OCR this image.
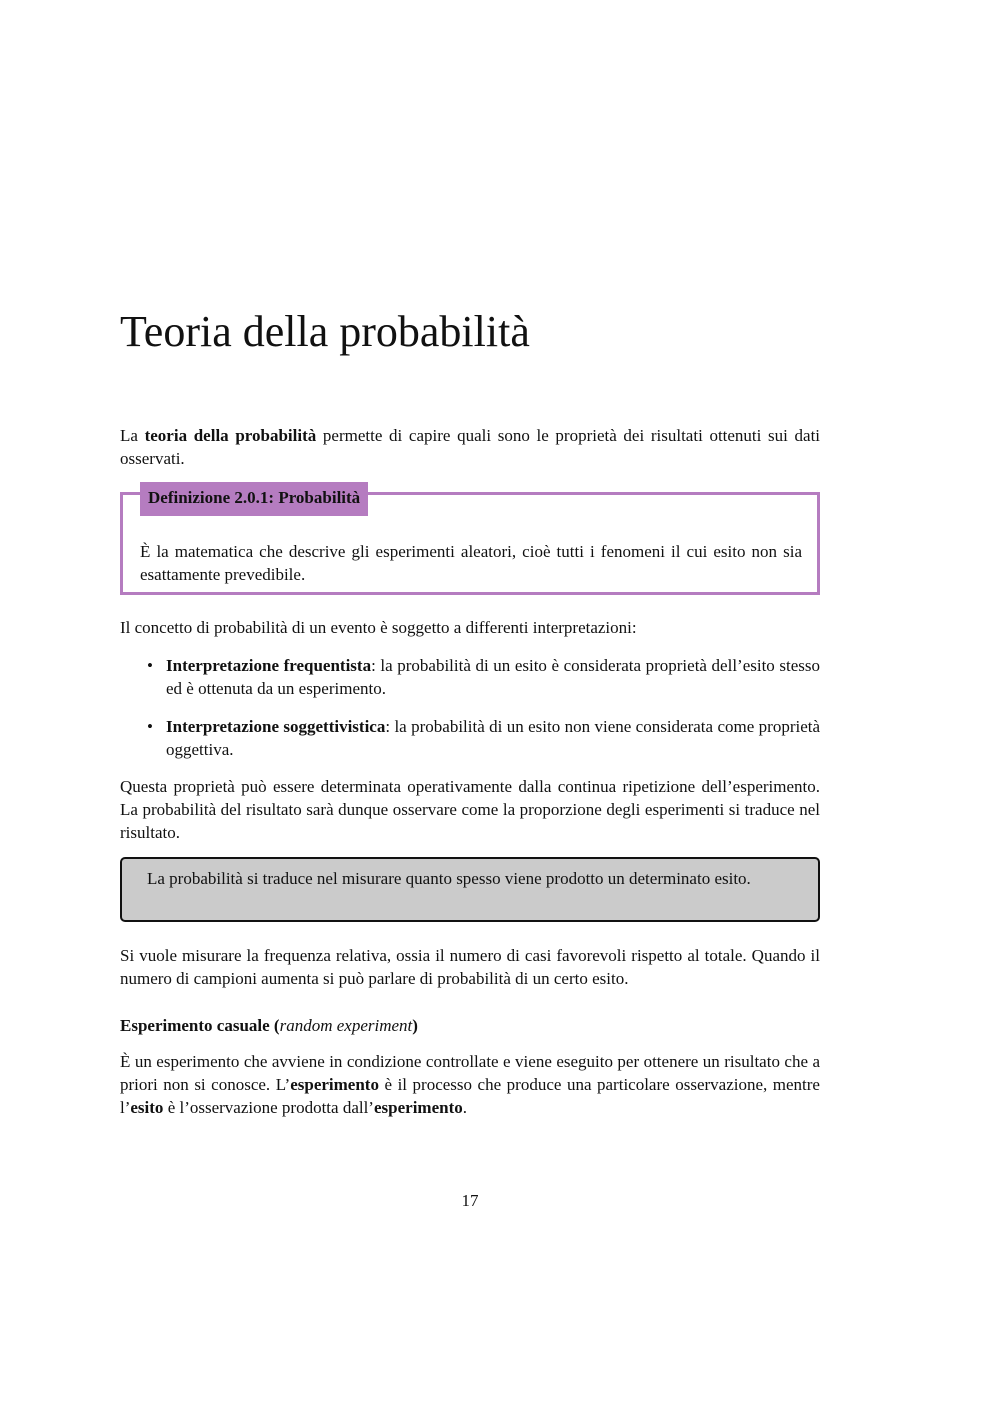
Teoria della probabilità

La teoria della probabilità permette di capire quali sono le proprietà dei risultati ottenuti sui dati osservati.

Definizione 2.0.1: Probabilità

È la matematica che descrive gli esperimenti aleatori, cioè tutti i fenomeni il cui esito non sia esattamente prevedibile.

Il concetto di probabilità di un evento è soggetto a differenti interpretazioni:

• Interpretazione frequentista: la probabilità di un esito è considerata proprietà dell’esito stesso ed è ottenuta da un esperimento.

• Interpretazione soggettivistica: la probabilità di un esito non viene considerata come proprietà oggettiva.

Questa proprietà può essere determinata operativamente dalla continua ripetizione dell’esperimento. La probabilità del risultato sarà dunque osservare come la proporzione degli esperimenti si traduce nel risultato.

La probabilità si traduce nel misurare quanto spesso viene prodotto un determinato esito.

Si vuole misurare la frequenza relativa, ossia il numero di casi favorevoli rispetto al totale. Quando il numero di campioni aumenta si può parlare di probabilità di un certo esito.

Esperimento casuale (random experiment)

È un esperimento che avviene in condizione controllate e viene eseguito per ottenere un risultato che a priori non si conosce. L’esperimento è il processo che produce una particolare osservazione, mentre l’esito è l’osservazione prodotta dall’esperimento.

17
